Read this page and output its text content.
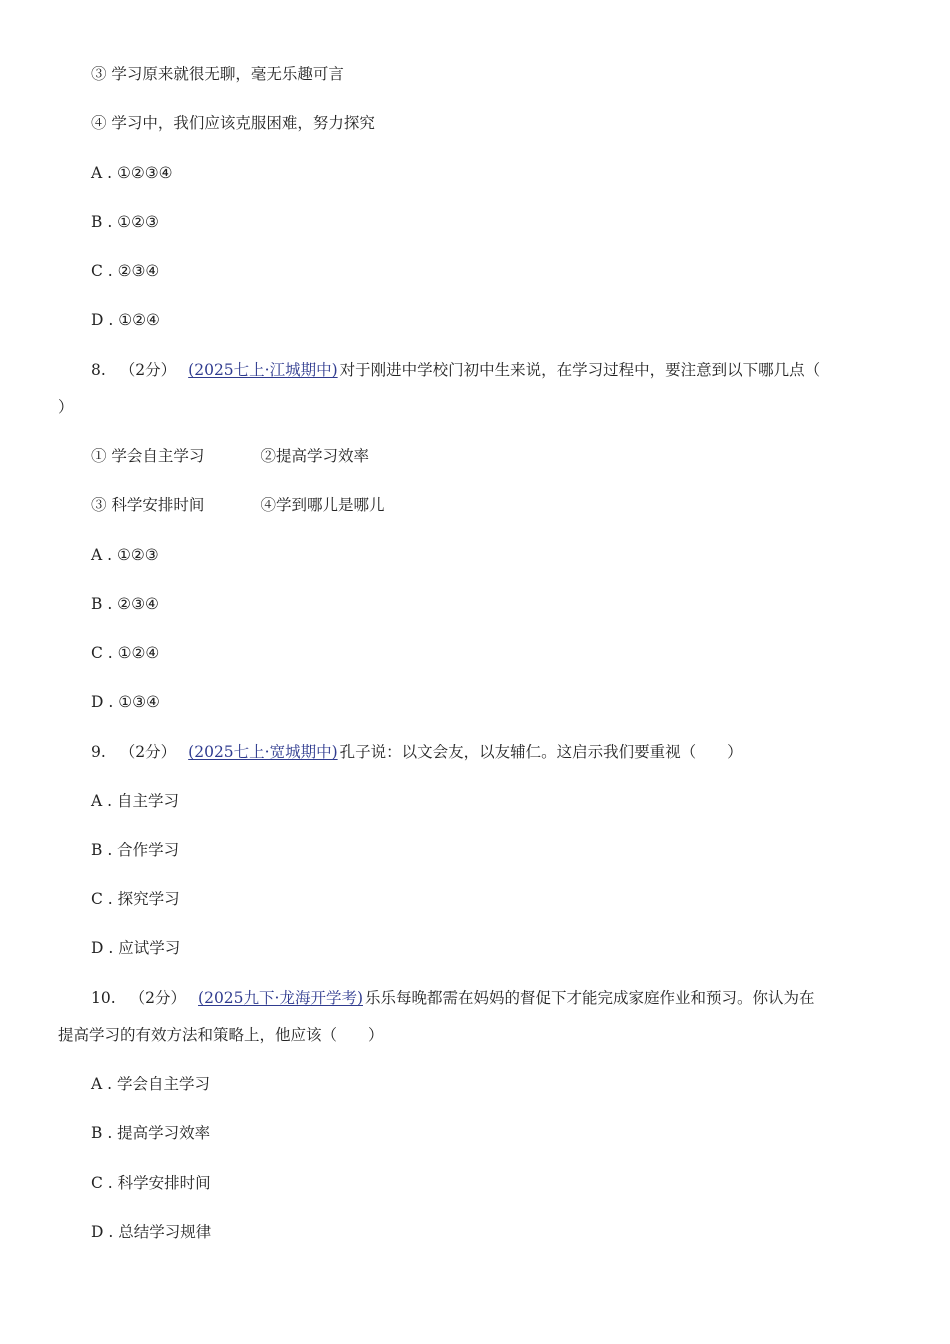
③ 学习原来就很无聊，毫无乐趣可言
④ 学习中，我们应该克服困难，努力探究
A . ①②③④
B . ①②③
C . ②③④
D . ①②④
8. （2分） (2025七上·江城期中) 对于刚进中学校门初中生来说，在学习过程中，要注意到以下哪几点（
）
① 学会自主学习	②提高学习效率
③ 科学安排时间	④学到哪儿是哪儿
A . ①②③
B . ②③④
C . ①②④
D . ①③④
9. （2分） (2025七上·宽城期中) 孔子说：以文会友，以友辅仁。这启示我们要重视（　　）
A . 自主学习
B . 合作学习
C . 探究学习
D . 应试学习
10. （2分） (2025九下·龙海开学考) 乐乐每晚都需在妈妈的督促下才能完成家庭作业和预习。你认为在
提高学习的有效方法和策略上，他应该（　　）
A . 学会自主学习
B . 提高学习效率
C . 科学安排时间
D . 总结学习规律
